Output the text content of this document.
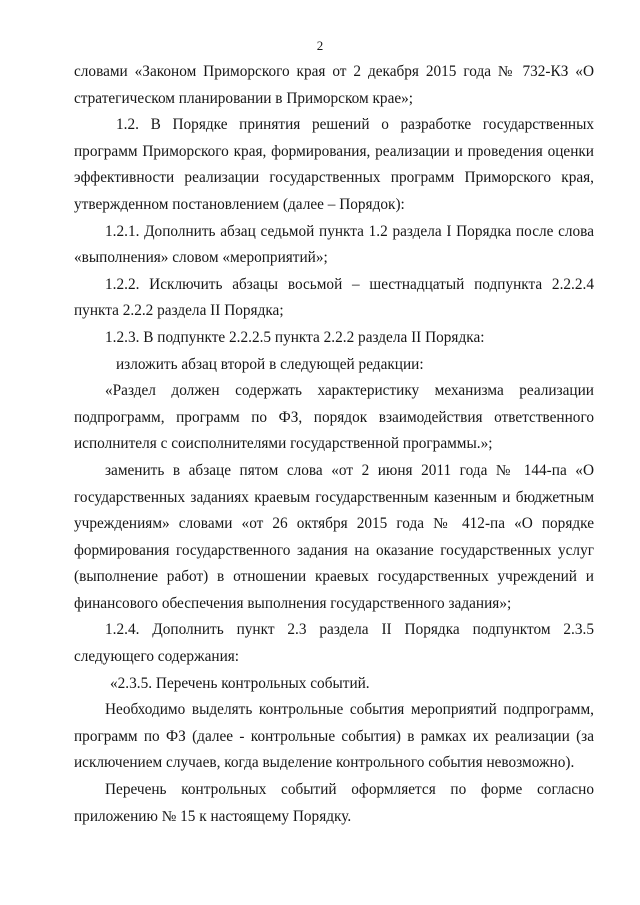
2

словами «Законом Приморского края от 2 декабря 2015 года № 732-КЗ «О стратегическом планировании в Приморском крае»;

1.2. В Порядке принятия решений о разработке государственных программ Приморского края, формирования, реализации и проведения оценки эффективности реализации государственных программ Приморского края, утвержденном постановлением (далее – Порядок):

1.2.1. Дополнить абзац седьмой пункта 1.2 раздела I Порядка после слова «выполнения» словом «мероприятий»;

1.2.2. Исключить абзацы восьмой – шестнадцатый подпункта 2.2.2.4 пункта 2.2.2 раздела II Порядка;

1.2.3. В подпункте 2.2.2.5 пункта 2.2.2 раздела II Порядка:

изложить абзац второй в следующей редакции:

«Раздел должен содержать характеристику механизма реализации подпрограмм, программ по ФЗ, порядок взаимодействия ответственного исполнителя с соисполнителями государственной программы.»;

заменить в абзаце пятом слова «от 2 июня 2011 года № 144-па «О государственных заданиях краевым государственным казенным и бюджетным учреждениям» словами «от 26 октября 2015 года № 412-па «О порядке формирования государственного задания на оказание государственных услуг (выполнение работ) в отношении краевых государственных учреждений и финансового обеспечения выполнения государственного задания»;

1.2.4. Дополнить пункт 2.3 раздела II Порядка подпунктом 2.3.5 следующего содержания:

«2.3.5. Перечень контрольных событий.

Необходимо выделять контрольные события мероприятий подпрограмм, программ по ФЗ (далее - контрольные события) в рамках их реализации (за исключением случаев, когда выделение контрольного события невозможно).

Перечень контрольных событий оформляется по форме согласно приложению № 15 к настоящему Порядку.
